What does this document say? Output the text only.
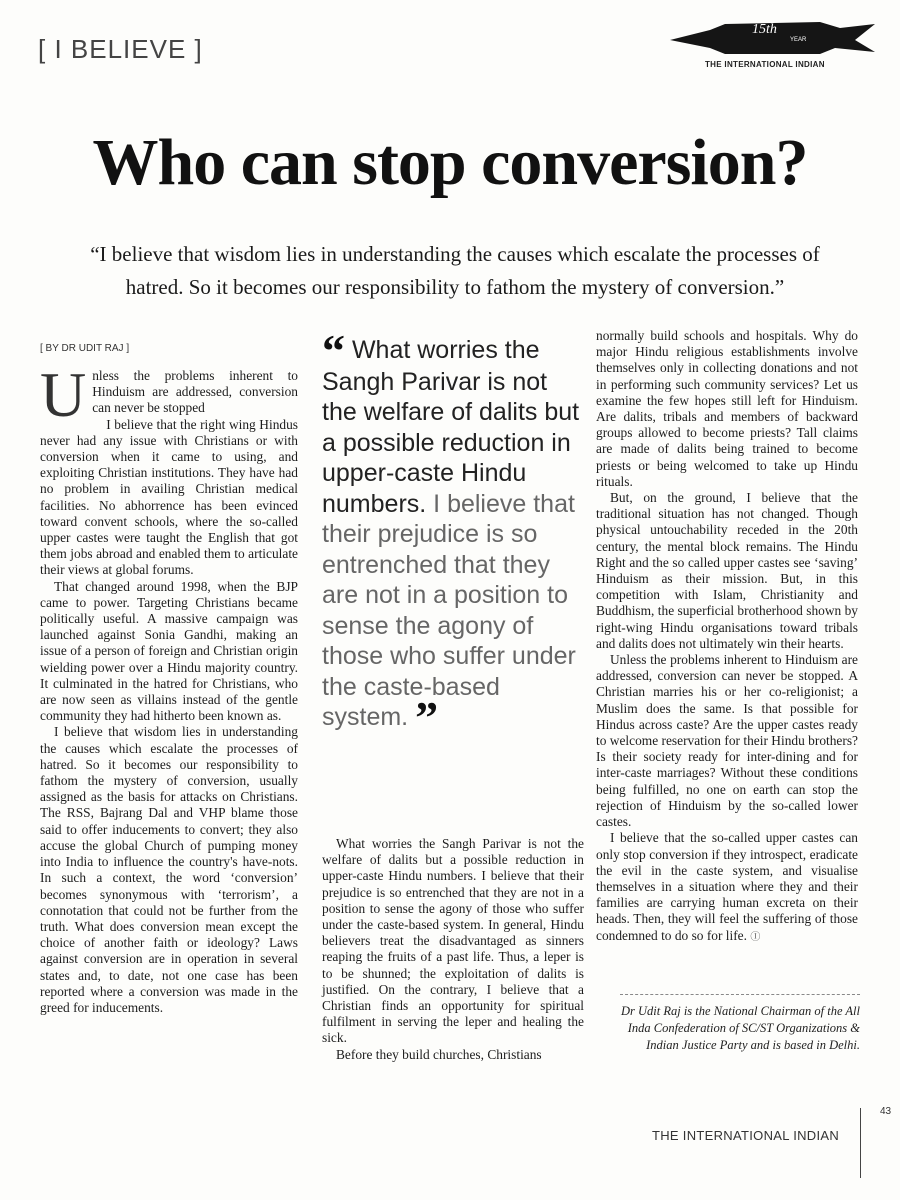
[ I BELIEVE ]
15th
YEAR
THE INTERNATIONAL INDIAN
Who can stop conversion?
“I believe that wisdom lies in understanding the causes which escalate the processes of hatred. So it becomes our responsibility to fathom the mystery of conversion.”
[ BY DR UDIT RAJ ]

Unless the problems inherent to Hinduism are addressed, conversion can never be stopped

I believe that the right wing Hindus never had any issue with Christians or with conversion when it came to using, and exploiting Christian institutions. They have had no problem in availing Christian medical facilities. No abhorrence has been evinced toward convent schools, where the so-called upper castes were taught the English that got them jobs abroad and enabled them to articulate their views at global forums.

That changed around 1998, when the BJP came to power. Targeting Christians became politically useful. A massive campaign was launched against Sonia Gandhi, making an issue of a person of foreign and Christian origin wielding power over a Hindu majority country. It culminated in the hatred for Christians, who are now seen as villains instead of the gentle community they had hitherto been known as.

I believe that wisdom lies in understanding the causes which escalate the processes of hatred. So it becomes our responsibility to fathom the mystery of conversion, usually assigned as the basis for attacks on Christians. The RSS, Bajrang Dal and VHP blame those said to offer inducements to convert; they also accuse the global Church of pumping money into India to influence the country's have-nots. In such a context, the word ‘conversion’ becomes synonymous with ‘terrorism’, a connotation that could not be further from the truth. What does conversion mean except the choice of another faith or ideology? Laws against conversion are in operation in several states and, to date, not one case has been reported where a conversion was made in the greed for inducements.

“ What worries the Sangh Parivar is not the welfare of dalits but a possible reduction in upper-caste Hindu numbers. I believe that their prejudice is so entrenched that they are not in a position to sense the agony of those who suffer under the caste-based system. ”

What worries the Sangh Parivar is not the welfare of dalits but a possible reduction in upper-caste Hindu numbers. I believe that their prejudice is so entrenched that they are not in a position to sense the agony of those who suffer under the caste-based system. In general, Hindu believers treat the disadvantaged as sinners reaping the fruits of a past life. Thus, a leper is to be shunned; the exploitation of dalits is justified. On the contrary, I believe that a Christian finds an opportunity for spiritual fulfilment in serving the leper and healing the sick.

Before they build churches, Christians

normally build schools and hospitals. Why do major Hindu religious establishments involve themselves only in collecting donations and not in performing such community services? Let us examine the few hopes still left for Hinduism. Are dalits, tribals and members of backward groups allowed to become priests? Tall claims are made of dalits being trained to become priests or being welcomed to take up Hindu rituals.

But, on the ground, I believe that the traditional situation has not changed. Though physical untouchability receded in the 20th century, the mental block remains. The Hindu Right and the so called upper castes see ‘saving’ Hinduism as their mission. But, in this competition with Islam, Christianity and Buddhism, the superficial brotherhood shown by right-wing Hindu organisations toward tribals and dalits does not ultimately win their hearts.

Unless the problems inherent to Hinduism are addressed, conversion can never be stopped. A Christian marries his or her co-religionist; a Muslim does the same. Is that possible for Hindus across caste? Are the upper castes ready to welcome reservation for their Hindu brothers? Is their society ready for inter-dining and for inter-caste marriages? Without these conditions being fulfilled, no one on earth can stop the rejection of Hinduism by the so-called lower castes.

I believe that the so-called upper castes can only stop conversion if they introspect, eradicate the evil in the caste system, and visualise themselves in a situation where they and their families are carrying human excreta on their heads. Then, they will feel the suffering of those condemned to do so for life. Ⓘ

Dr Udit Raj is the National Chairman of the All Inda Confederation of SC/ST Organizations & Indian Justice Party and is based in Delhi.
THE INTERNATIONAL INDIAN
43
